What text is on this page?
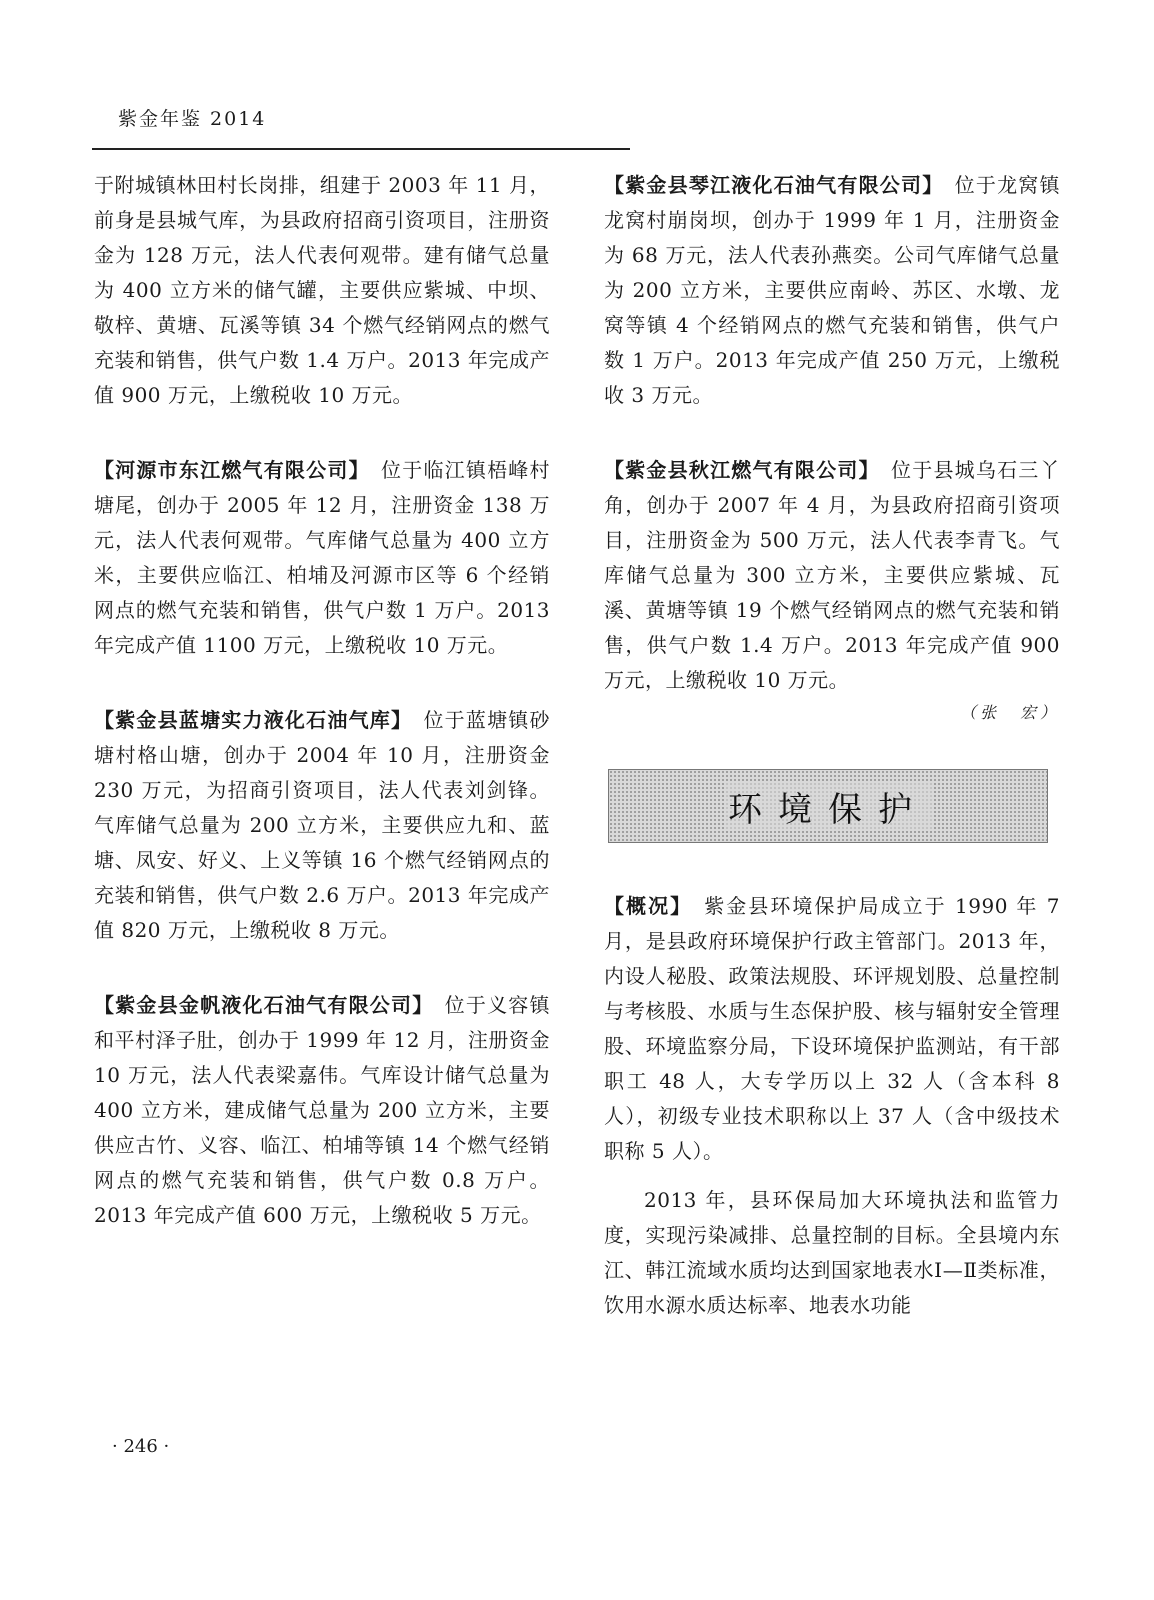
紫金年鉴 2014

于附城镇林田村长岗排，组建于 2003 年 11 月，前身是县城气库，为县政府招商引资项目，注册资金为 128 万元，法人代表何观带。建有储气总量为 400 立方米的储气罐，主要供应紫城、中坝、敬梓、黄塘、瓦溪等镇 34 个燃气经销网点的燃气充装和销售，供气户数 1.4 万户。2013 年完成产值 900 万元，上缴税收 10 万元。

【河源市东江燃气有限公司】　 位于临江镇梧峰村塘尾，创办于 2005 年 12 月，注册资金 138 万元，法人代表何观带。气库储气总量为 400 立方米，主要供应临江、柏埔及河源市区等 6 个经销网点的燃气充装和销售，供气户数 1 万户。2013 年完成产值 1100 万元，上缴税收 10 万元。

【紫金县蓝塘实力液化石油气库】　 位于蓝塘镇砂塘村格山塘，创办于 2004 年 10 月，注册资金 230 万元，为招商引资项目，法人代表刘剑锋。气库储气总量为 200 立方米，主要供应九和、蓝塘、凤安、好义、上义等镇 16 个燃气经销网点的充装和销售，供气户数 2.6 万户。2013 年完成产值 820 万元，上缴税收 8 万元。

【紫金县金帆液化石油气有限公司】　 位于义容镇和平村泽子肚，创办于 1999 年 12 月，注册资金 10 万元，法人代表梁嘉伟。气库设计储气总量为 400 立方米，建成储气总量为 200 立方米，主要供应古竹、义容、临江、柏埔等镇 14 个燃气经销网点的燃气充装和销售，供气户数 0.8 万户。2013 年完成产值 600 万元，上缴税收 5 万元。

【紫金县琴江液化石油气有限公司】　 位于龙窝镇龙窝村崩岗坝，创办于 1999 年 1 月，注册资金为 68 万元，法人代表孙燕奕。公司气库储气总量为 200 立方米，主要供应南岭、苏区、水墩、龙窝等镇 4 个经销网点的燃气充装和销售，供气户数 1 万户。2013 年完成产值 250 万元，上缴税收 3 万元。

【紫金县秋江燃气有限公司】　 位于县城乌石三丫角，创办于 2007 年 4 月，为县政府招商引资项目，注册资金为 500 万元，法人代表李青飞。气库储气总量为 300 立方米，主要供应紫城、瓦溪、黄塘等镇 19 个燃气经销网点的燃气充装和销售，供气户数 1.4 万户。2013 年完成产值 900 万元，上缴税收 10 万元。

（张　宏）
环境保护

【概况】　 紫金县环境保护局成立于 1990 年 7 月，是县政府环境保护行政主管部门。2013 年，内设人秘股、政策法规股、环评规划股、总量控制与考核股、水质与生态保护股、核与辐射安全管理股、环境监察分局，下设环境保护监测站，有干部职工 48 人，大专学历以上 32 人（含本科 8 人），初级专业技术职称以上 37 人（含中级技术职称 5 人）。

2013 年，县环保局加大环境执法和监管力度，实现污染减排、总量控制的目标。全县境内东江、韩江流域水质均达到国家地表水Ⅰ—Ⅱ类标准，饮用水源水质达标率、地表水功能

· 246 ·
